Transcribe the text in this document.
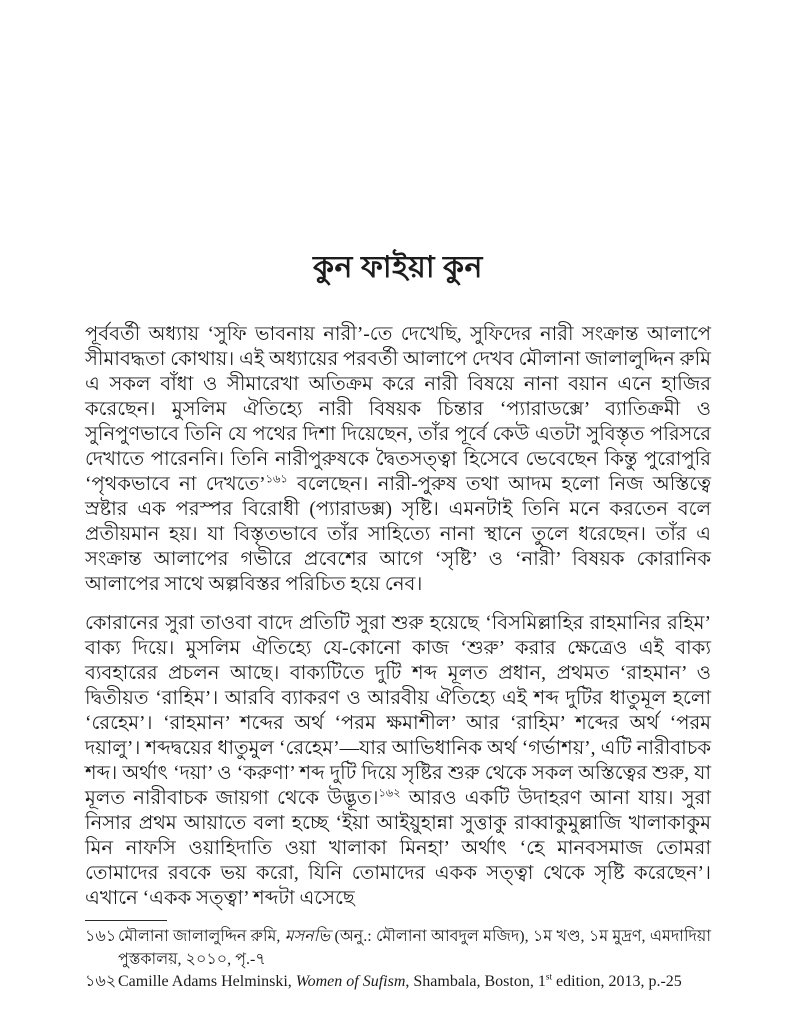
কুন ফাইয়া কুন

পূর্ববর্তী অধ্যায় ‘সুফি ভাবনায় নারী’-তে দেখেছি, সুফিদের নারী সংক্রান্ত আলাপে সীমাবদ্ধতা কোথায়। এই অধ্যায়ের পরবর্তী আলাপে দেখব মৌলানা জালালুদ্দিন রুমি এ সকল বাঁধা ও সীমারেখা অতিক্রম করে নারী বিষয়ে নানা বয়ান এনে হাজির করেছেন। মুসলিম ঐতিহ্যে নারী বিষয়ক চিন্তার ‘প্যারাডক্সে’ ব্যাতিক্রমী ও সুনিপুণভাবে তিনি যে পথের দিশা দিয়েছেন, তাঁর পূর্বে কেউ এতটা সুবিস্তৃত পরিসরে দেখাতে পারেননি। তিনি নারীপুরুষকে দ্বৈতসত্ত্বা হিসেবে ভেবেছেন কিন্তু পুরোপুরি ‘পৃথকভাবে না দেখতে’$^{১৬১}$ বলেছেন। নারী-পুরুষ তথা আদম হলো নিজ অস্তিত্বে স্রষ্টার এক পরস্পর বিরোধী (প্যারাডক্স) সৃষ্টি। এমনটাই তিনি মনে করতেন বলে প্রতীয়মান হয়। যা বিস্তৃতভাবে তাঁর সাহিত্যে নানা স্থানে তুলে ধরেছেন। তাঁর এ সংক্রান্ত আলাপের গভীরে প্রবেশের আগে ‘সৃষ্টি’ ও ‘নারী’ বিষয়ক কোরানিক আলাপের সাথে অল্পবিস্তর পরিচিত হয়ে নেব।

কোরানের সুরা তাওবা বাদে প্রতিটি সুরা শুরু হয়েছে ‘বিসমিল্লাহির রাহমানির রহিম’ বাক্য দিয়ে। মুসলিম ঐতিহ্যে যে-কোনো কাজ ‘শুরু’ করার ক্ষেত্রেও এই বাক্য ব্যবহারের প্রচলন আছে। বাক্যটিতে দুটি শব্দ মূলত প্রধান, প্রথমত ‘রাহমান’ ও দ্বিতীয়ত ‘রাহিম’। আরবি ব্যাকরণ ও আরবীয় ঐতিহ্যে এই শব্দ দুটির ধাতুমূল হলো ‘রেহেম’। ‘রাহমান’ শব্দের অর্থ ‘পরম ক্ষমাশীল’ আর ‘রাহিম’ শব্দের অর্থ ‘পরম দয়ালু’। শব্দদ্বয়ের ধাতুমুল ‘রেহেম’—যার আভিধানিক অর্থ ‘গর্ভাশয়’, এটি নারীবাচক শব্দ। অর্থাৎ ‘দয়া’ ও ‘করুণা’ শব্দ দুটি দিয়ে সৃষ্টির শুরু থেকে সকল অস্তিত্বের শুরু, যা মূলত নারীবাচক জায়গা থেকে উদ্ভূত।$^{১৬২}$ আরও একটি উদাহরণ আনা যায়। সুরা নিসার প্রথম আয়াতে বলা হচ্ছে ‘ইয়া আইয়ুহান্না সুত্তাকু রাব্বাকুমুল্লাজি খালাকাকুম মিন নাফসি ওয়াহিদাতি ওয়া খালাকা মিনহা’ অর্থাৎ ‘হে মানবসমাজ তোমরা তোমাদের রবকে ভয় করো, যিনি তোমাদের একক সত্ত্বা থেকে সৃষ্টি করেছেন’। এখানে ‘একক সত্ত্বা’ শব্দটা এসেছে

১৬১ মৌলানা জালালুদ্দিন রুমি, মসনভি (অনু.: মৌলানা আবদুল মজিদ), ১ম খণ্ড, ১ম মুদ্রণ, এমদাদিয়া পুস্তকালয়, ২০১০, পৃ.-৭
১৬২ Camille Adams Helminski, Women of Sufism, Shambala, Boston, 1st edition, 2013, p.-25
